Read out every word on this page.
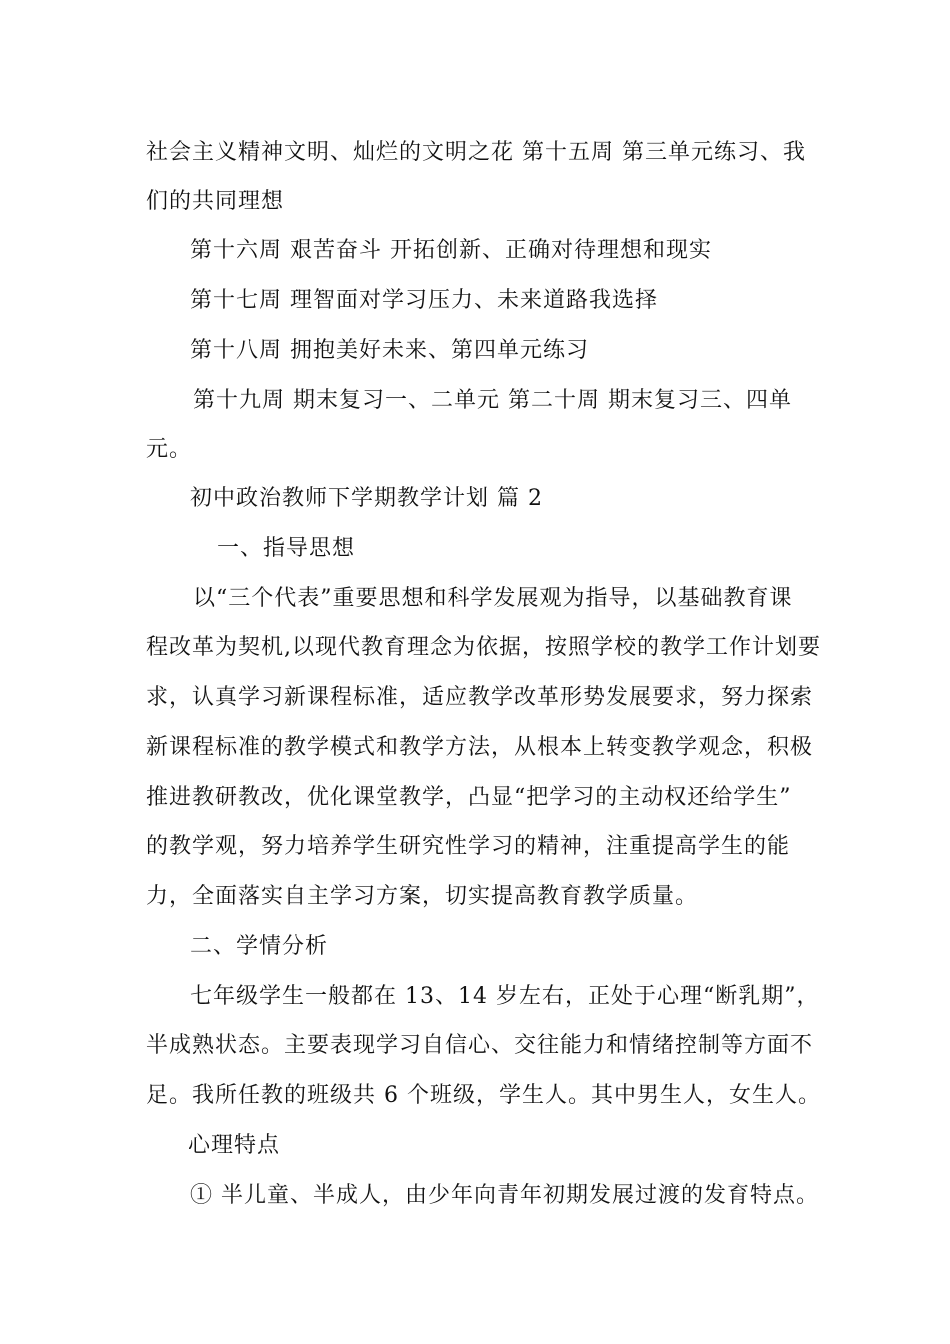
社会主义精神文明、灿烂的文明之花 第十五周 第三单元练习、我

们的共同理想

第十六周 艰苦奋斗 开拓创新、正确对待理想和现实

第十七周 理智面对学习压力、未来道路我选择

第十八周 拥抱美好未来、第四单元练习

第十九周 期末复习一、二单元 第二十周 期末复习三、四单

元。

初中政治教师下学期教学计划 篇 2

一、指导思想

以“三个代表”重要思想和科学发展观为指导，以基础教育课

程改革为契机,以现代教育理念为依据，按照学校的教学工作计划要

求，认真学习新课程标准，适应教学改革形势发展要求，努力探索

新课程标准的教学模式和教学方法，从根本上转变教学观念，积极

推进教研教改，优化课堂教学，凸显“把学习的主动权还给学生”

的教学观，努力培养学生研究性学习的精神，注重提高学生的能

力，全面落实自主学习方案，切实提高教育教学质量。

二、学情分析

七年级学生一般都在 13、14 岁左右，正处于心理“断乳期”，

半成熟状态。主要表现学习自信心、交往能力和情绪控制等方面不

足。我所任教的班级共 6 个班级，学生人。其中男生人，女生人。

心理特点

① 半儿童、半成人，由少年向青年初期发展过渡的发育特点。
